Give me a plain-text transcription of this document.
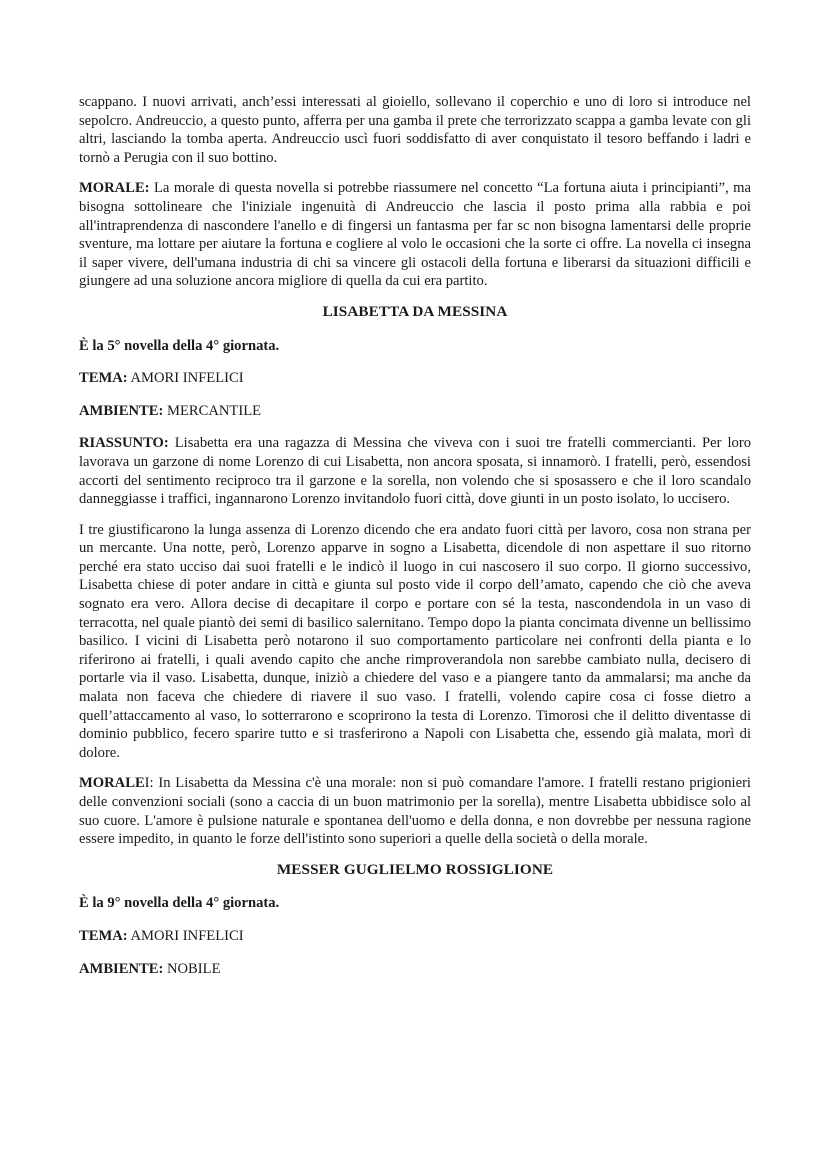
scappano. I nuovi arrivati, anch’essi interessati al gioiello, sollevano il coperchio e uno di loro si introduce nel sepolcro. Andreuccio, a questo punto, afferra per una gamba il prete che terrorizzato scappa a gamba levate con gli altri, lasciando la tomba aperta. Andreuccio uscì fuori soddisfatto di aver conquistato il tesoro beffando i ladri e tornò a Perugia con il suo bottino.

MORALE: La morale di questa novella si potrebbe riassumere nel concetto “La fortuna aiuta i principianti”, ma bisogna sottolineare che l'iniziale ingenuità di Andreuccio che lascia il posto prima alla rabbia e poi all'intraprendenza di nascondere l'anello e di fingersi un fantasma per far sc non bisogna lamentarsi delle proprie sventure, ma lottare per aiutare la fortuna e cogliere al volo le occasioni che la sorte ci offre. La novella ci insegna il saper vivere, dell'umana industria di chi sa vincere gli ostacoli della fortuna e liberarsi da situazioni difficili e giungere ad una soluzione ancora migliore di quella da cui era partito.

LISABETTA DA MESSINA
È la 5° novella della 4° giornata.
TEMA: AMORI INFELICI
AMBIENTE: MERCANTILE

RIASSUNTO: Lisabetta era una ragazza di Messina che viveva con i suoi tre fratelli commercianti. Per loro lavorava un garzone di nome Lorenzo di cui Lisabetta, non ancora sposata, si innamorò. I fratelli, però, essendosi accorti del sentimento reciproco tra il garzone e la sorella, non volendo che si sposassero e che il loro scandalo danneggiasse i traffici, ingannarono Lorenzo invitandolo fuori città, dove giunti in un posto isolato, lo uccisero.

I tre giustificarono la lunga assenza di Lorenzo dicendo che era andato fuori città per lavoro, cosa non strana per un mercante. Una notte, però, Lorenzo apparve in sogno a Lisabetta, dicendole di non aspettare il suo ritorno perché era stato ucciso dai suoi fratelli e le indicò il luogo in cui nascosero il suo corpo. Il giorno successivo, Lisabetta chiese di poter andare in città e giunta sul posto vide il corpo dell’amato, capendo che ciò che aveva sognato era vero. Allora decise di decapitare il corpo e portare con sé la testa, nascondendola in un vaso di terracotta, nel quale piantò dei semi di basilico salernitano. Tempo dopo la pianta concimata divenne un bellissimo basilico. I vicini di Lisabetta però notarono il suo comportamento particolare nei confronti della pianta e lo riferirono ai fratelli, i quali avendo capito che anche rimproverandola non sarebbe cambiato nulla, decisero di portarle via il vaso. Lisabetta, dunque, iniziò a chiedere del vaso e a piangere tanto da ammalarsi; ma anche da malata non faceva che chiedere di riavere il suo vaso. I fratelli, volendo capire cosa ci fosse dietro a quell’attaccamento al vaso, lo sotterrarono e scoprirono la testa di Lorenzo. Timorosi che il delitto diventasse di dominio pubblico, fecero sparire tutto e si trasferirono a Napoli con Lisabetta che, essendo già malata, morì di dolore.

MORALEI: In Lisabetta da Messina c'è una morale: non si può comandare l'amore. I fratelli restano prigionieri delle convenzioni sociali (sono a caccia di un buon matrimonio per la sorella), mentre Lisabetta ubbidisce solo al suo cuore. L'amore è pulsione naturale e spontanea dell'uomo e della donna, e non dovrebbe per nessuna ragione essere impedito, in quanto le forze dell'istinto sono superiori a quelle della società o della morale.

MESSER GUGLIELMO ROSSIGLIONE
È la 9° novella della 4° giornata.
TEMA: AMORI INFELICI
AMBIENTE: NOBILE
